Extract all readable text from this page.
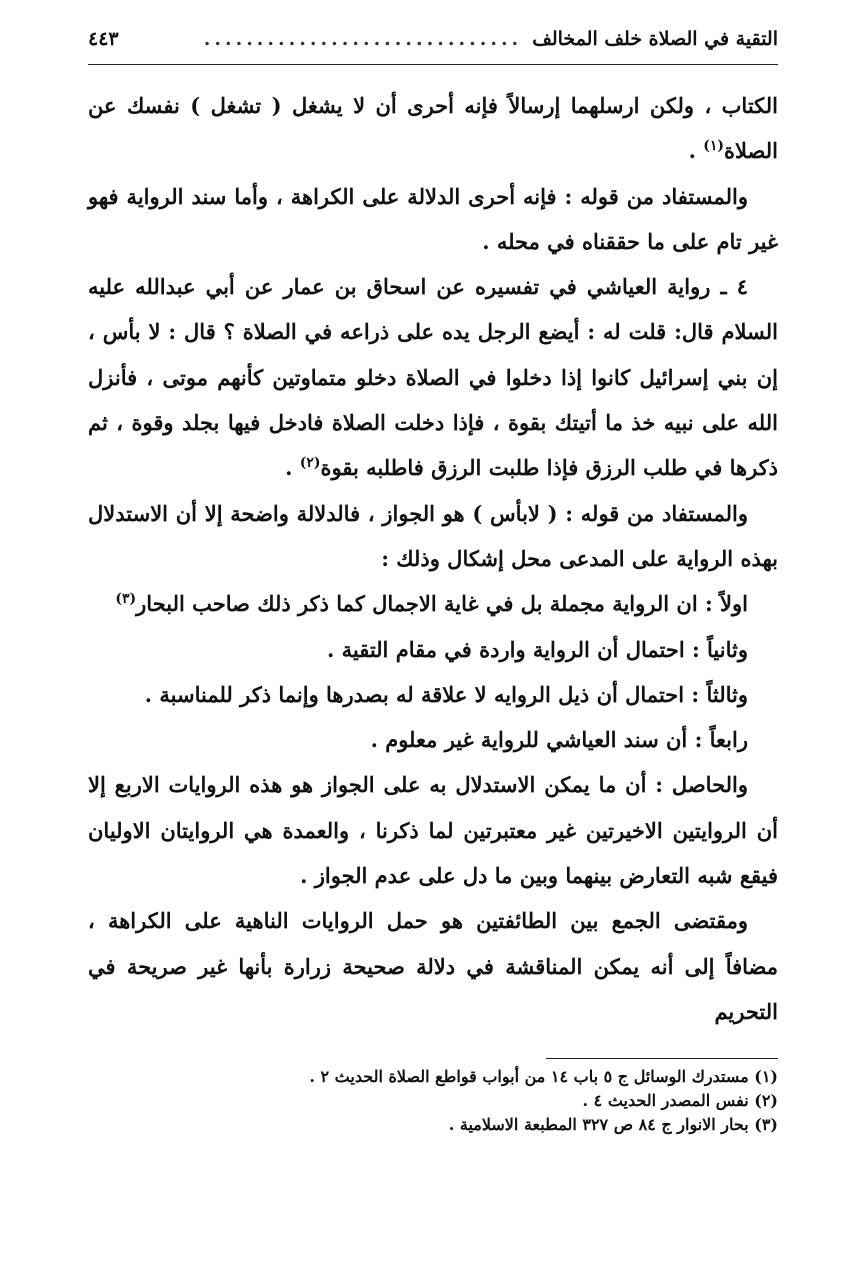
التقية في الصلاة خلف المخالف
..............................
٤٤٣

الكتاب ، ولكن ارسلهما إرسالاً فإنه أحرى أن لا يشغل ( تشغل ) نفسك عن الصلاة$^{(١)}$ .

والمستفاد من قوله : فإنه أحرى الدلالة على الكراهة ، وأما سند الرواية فهو غير تام على ما حققناه في محله .

٤ ـ رواية العياشي في تفسيره عن اسحاق بن عمار عن أبي عبدالله عليه السلام قال: قلت له : أيضع الرجل يده على ذراعه في الصلاة ؟ قال : لا بأس ، إن بني إسرائيل كانوا إذا دخلوا في الصلاة دخلو متماوتين كأنهم موتى ، فأنزل الله على نبيه خذ ما أتيتك بقوة ، فإذا دخلت الصلاة فادخل فيها بجلد وقوة ، ثم ذكرها في طلب الرزق فإذا طلبت الرزق فاطلبه بقوة$^{(٢)}$ .

والمستفاد من قوله : ( لابأس ) هو الجواز ، فالدلالة واضحة إلا أن الاستدلال بهذه الرواية على المدعى محل إشكال وذلك :

اولاً : ان الرواية مجملة بل في غاية الاجمال كما ذكر ذلك صاحب البحار$^{(٣)}$

وثانياً : احتمال أن الرواية واردة في مقام التقية .

وثالثاً : احتمال أن ذيل الروايه لا علاقة له بصدرها وإنما ذكر للمناسبة .

رابعاً : أن سند العياشي للرواية غير معلوم .

والحاصل : أن ما يمكن الاستدلال به على الجواز هو هذه الروايات الاربع إلا أن الروايتين الاخيرتين غير معتبرتين لما ذكرنا ، والعمدة هي الروايتان الاوليان فيقع شبه التعارض بينهما وبين ما دل على عدم الجواز .

ومقتضى الجمع بين الطائفتين هو حمل الروايات الناهية على الكراهة ، مضافاً إلى أنه يمكن المناقشة في دلالة صحيحة زرارة بأنها غير صريحة في التحريم

(١) مستدرك الوسائل ج ٥ باب ١٤ من أبواب قواطع الصلاة الحديث ٢ .

(٢) نفس المصدر الحديث ٤ .

(٣) بحار الانوار ج ٨٤ ص ٣٢٧ المطبعة الاسلامية .
